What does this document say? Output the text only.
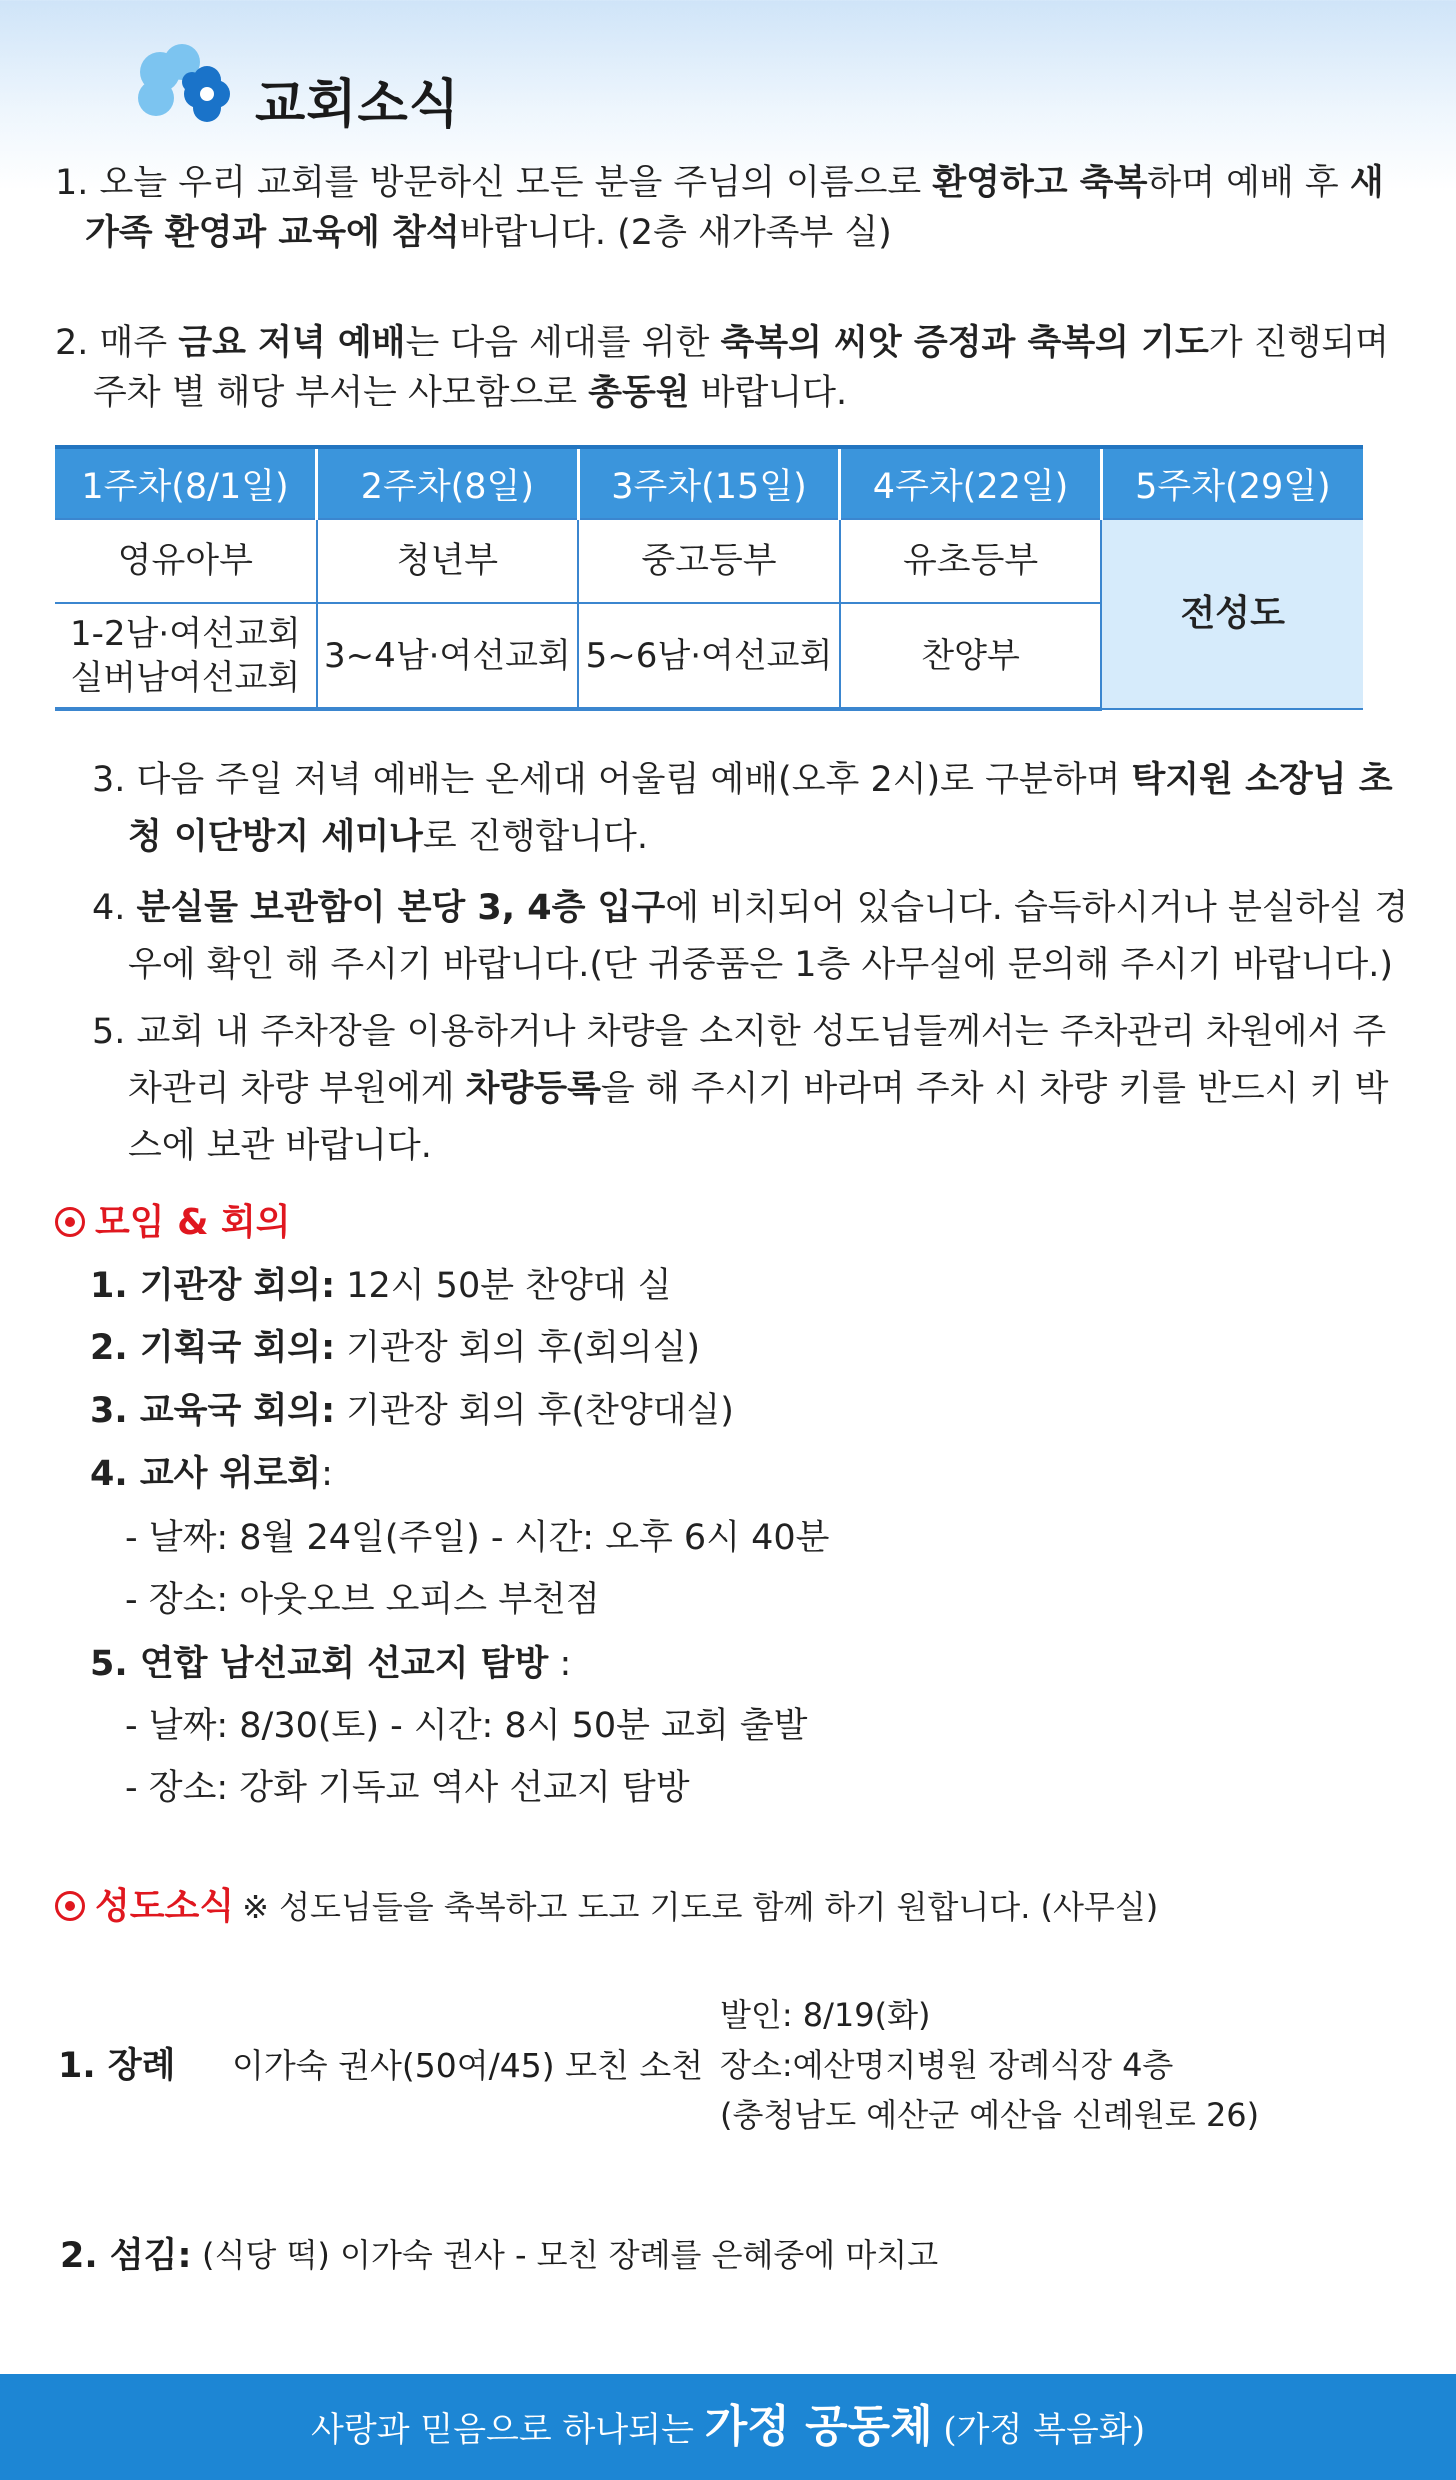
교회소식
1. 오늘 우리 교회를 방문하신 모든 분을 주님의 이름으로 환영하고 축복하며 예배 후 새
가족 환영과 교육에 참석바랍니다. (2층 새가족부 실)
2. 매주 금요 저녁 예배는 다음 세대를 위한 축복의 씨앗 증정과 축복의 기도가 진행되며
주차 별 해당 부서는 사모함으로 총동원 바랍니다.
1주차(8/1일)	2주차(8일)	3주차(15일)	4주차(22일)	5주차(29일)
영유아부	청년부	중고등부	유초등부	전성도

1-2남·여선교회
실버남여선교회	3~4남·여선교회	5~6남·여선교회	찬양부	
3. 다음 주일 저녁 예배는 온세대 어울림 예배(오후 2시)로 구분하며 탁지원 소장님 초
청 이단방지 세미나로 진행합니다.
4. 분실물 보관함이 본당 3, 4층 입구에 비치되어 있습니다. 습득하시거나 분실하실 경
우에 확인 해 주시기 바랍니다.(단 귀중품은 1층 사무실에 문의해 주시기 바랍니다.)
5. 교회 내 주차장을 이용하거나 차량을 소지한 성도님들께서는 주차관리 차원에서 주
차관리 차량 부원에게 차량등록을 해 주시기 바라며 주차 시 차량 키를 반드시 키 박
스에 보관 바랍니다.
모임 & 회의
1. 기관장 회의: 12시 50분 찬양대 실
2. 기획국 회의: 기관장 회의 후(회의실)
3. 교육국 회의: 기관장 회의 후(찬양대실)
4. 교사 위로회:
- 날짜: 8월 24일(주일) - 시간: 오후 6시 40분
- 장소: 아웃오브 오피스 부천점
5. 연합 남선교회 선교지 탐방 :
- 날짜: 8/30(토) - 시간: 8시 50분 교회 출발
- 장소: 강화 기독교 역사 선교지 탐방
성도소식 ※ 성도님들을 축복하고 도고 기도로 함께 하기 원합니다. (사무실)
1. 장례 이가숙 권사(50여/45) 모친 소천
발인: 8/19(화)
장소:예산명지병원 장례식장 4층
(충청남도 예산군 예산읍 신례원로 26)
2. 섬김: (식당 떡) 이가숙 권사 - 모친 장례를 은혜중에 마치고
사랑과 믿음으로 하나되는 가정 공동체 (가정 복음화)
